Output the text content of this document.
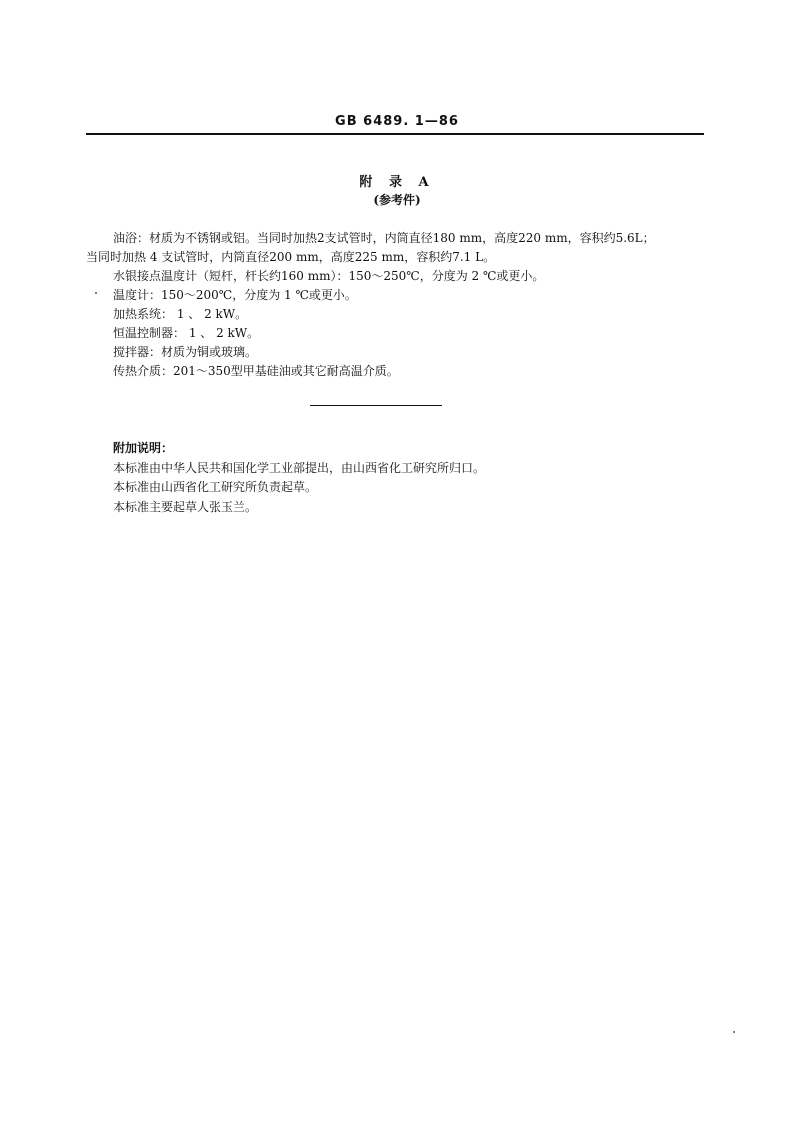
GB 6489. 1—86
附 录 A
(参考件)
油浴：材质为不锈钢或铝。当同时加热2支试管时，内筒直径180 mm，高度220 mm，容积约5.6L；
当同时加热 4 支试管时，内筒直径200 mm，高度225 mm，容积约7.1 L。
水银接点温度计（短杆，杆长约160 mm）：150～250℃，分度为 2 ℃或更小。
温度计：150～200℃，分度为 1 ℃或更小。
加热系统： 1 、 2 kW。
恒温控制器： 1 、 2 kW。
搅拌器：材质为铜或玻璃。
传热介质：201～350型甲基硅油或其它耐高温介质。
附加说明：
本标准由中华人民共和国化学工业部提出，由山西省化工研究所归口。
本标准由山西省化工研究所负责起草。
本标准主要起草人张玉兰。
